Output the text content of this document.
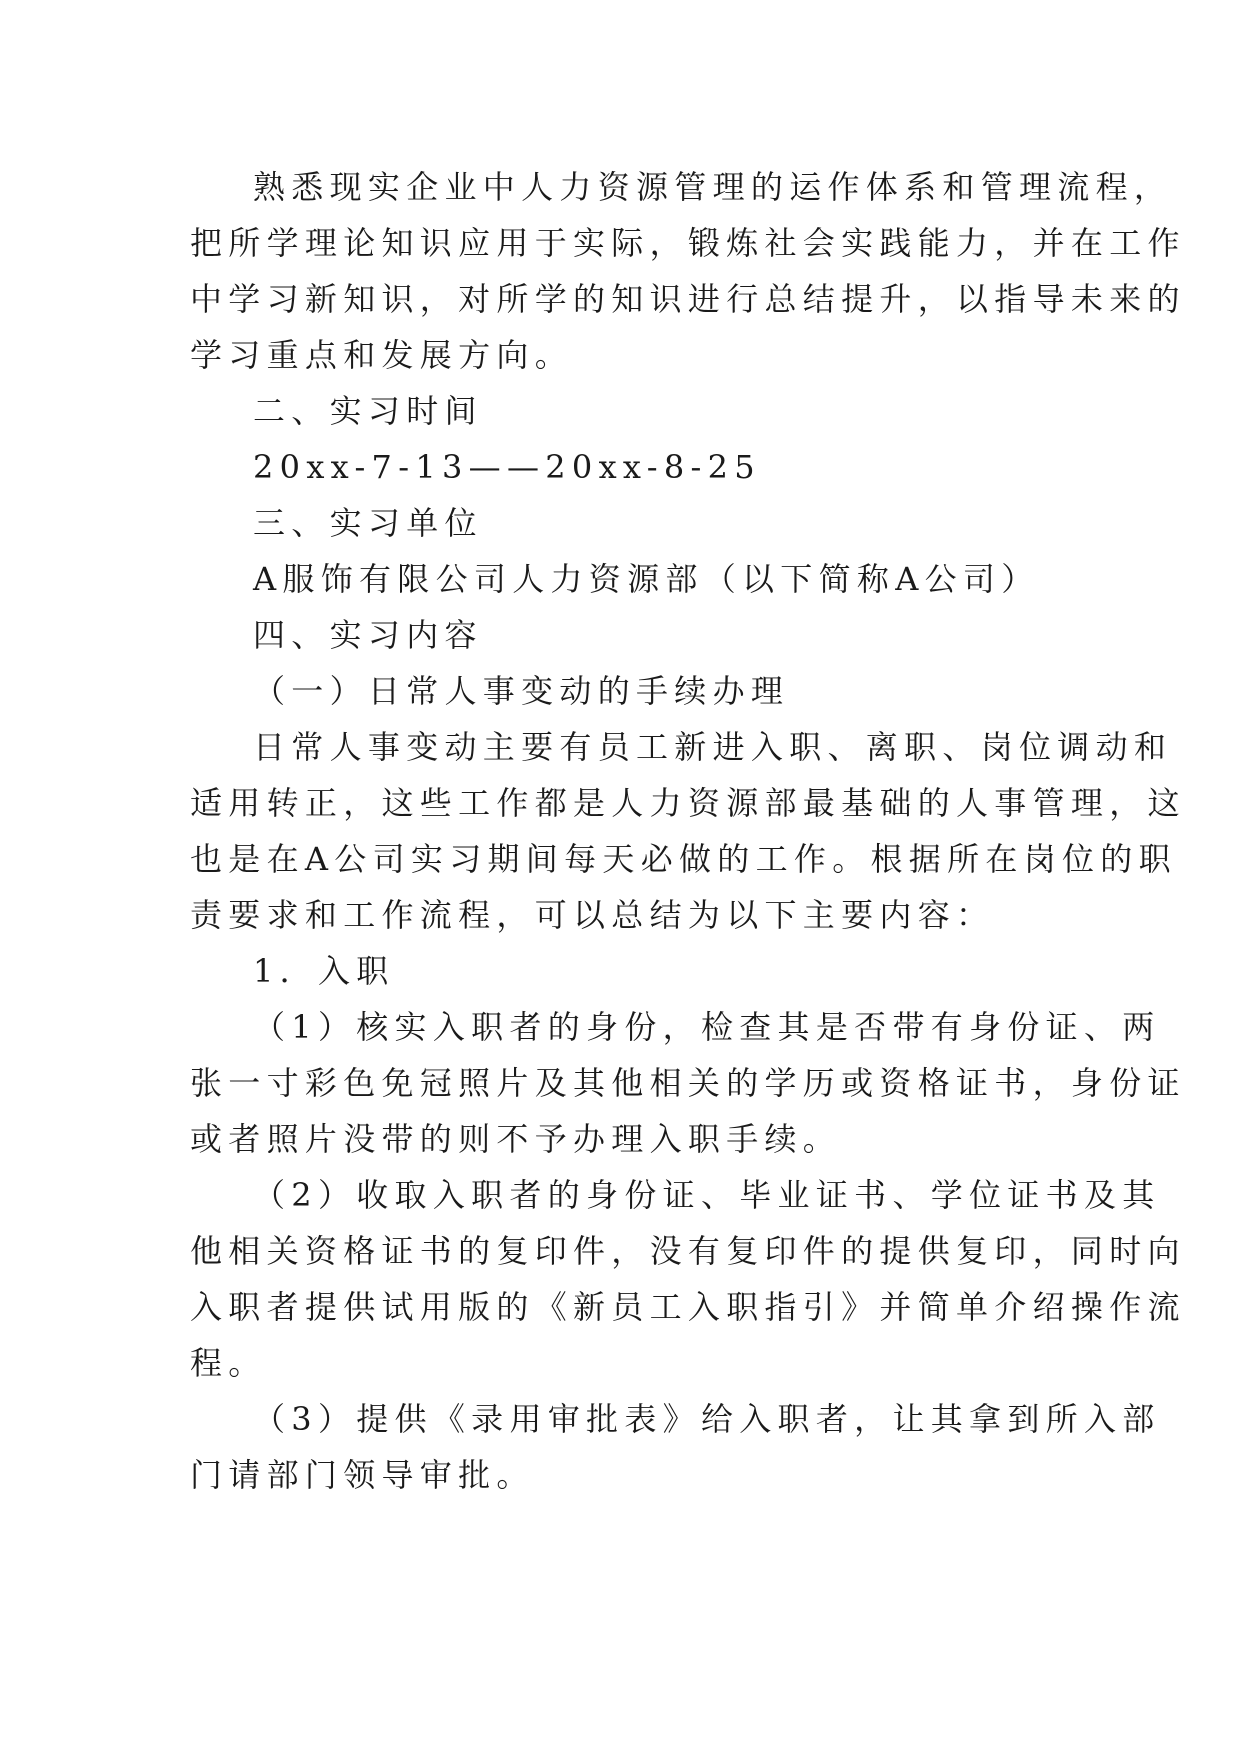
熟悉现实企业中人力资源管理的运作体系和管理流程，
把所学理论知识应用于实际，锻炼社会实践能力，并在工作
中学习新知识，对所学的知识进行总结提升，以指导未来的
学习重点和发展方向。
二、实习时间
20xx-7-13——20xx-8-25
三、实习单位
A服饰有限公司人力资源部（以下简称A公司）
四、实习内容
（一）日常人事变动的手续办理
日常人事变动主要有员工新进入职、离职、岗位调动和
适用转正，这些工作都是人力资源部最基础的人事管理，这
也是在A公司实习期间每天必做的工作。根据所在岗位的职
责要求和工作流程，可以总结为以下主要内容：
1．入职
（1）核实入职者的身份，检查其是否带有身份证、两
张一寸彩色免冠照片及其他相关的学历或资格证书，身份证
或者照片没带的则不予办理入职手续。
（2）收取入职者的身份证、毕业证书、学位证书及其
他相关资格证书的复印件，没有复印件的提供复印，同时向
入职者提供试用版的《新员工入职指引》并简单介绍操作流
程。
（3）提供《录用审批表》给入职者，让其拿到所入部
门请部门领导审批。
